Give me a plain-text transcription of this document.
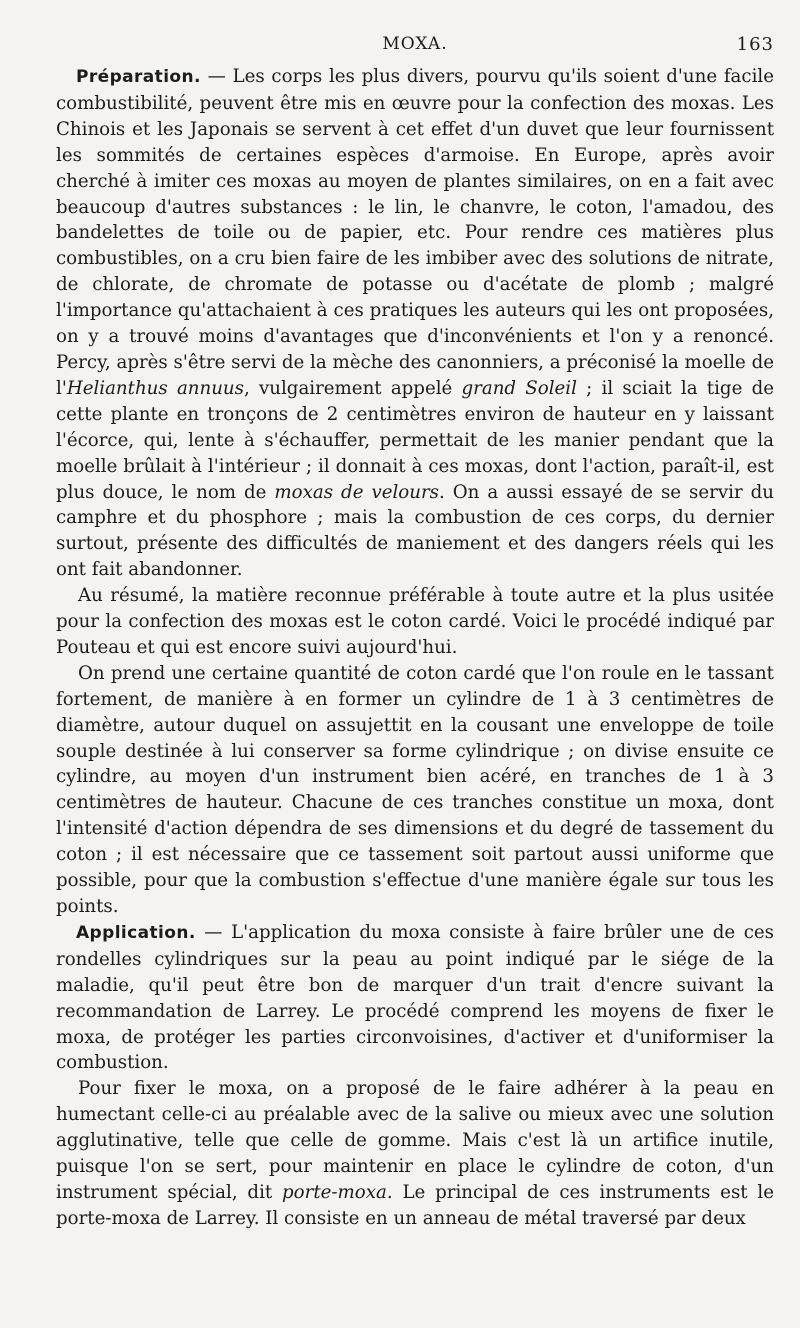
MOXA.	163

Préparation. — Les corps les plus divers, pourvu qu'ils soient d'une facile combustibilité, peuvent être mis en œuvre pour la confection des moxas. Les Chinois et les Japonais se servent à cet effet d'un duvet que leur fournissent les sommités de certaines espèces d'armoise. En Europe, après avoir cherché à imiter ces moxas au moyen de plantes similaires, on en a fait avec beaucoup d'autres substances : le lin, le chanvre, le coton, l'amadou, des bandelettes de toile ou de papier, etc. Pour rendre ces matières plus combustibles, on a cru bien faire de les imbiber avec des solutions de nitrate, de chlorate, de chromate de potasse ou d'acétate de plomb ; malgré l'importance qu'attachaient à ces pratiques les auteurs qui les ont proposées, on y a trouvé moins d'avantages que d'inconvénients et l'on y a renoncé. Percy, après s'être servi de la mèche des canonniers, a préconisé la moelle de l'Helianthus annuus, vulgairement appelé grand Soleil ; il sciait la tige de cette plante en tronçons de 2 centimètres environ de hauteur en y laissant l'écorce, qui, lente à s'échauffer, permettait de les manier pendant que la moelle brûlait à l'intérieur ; il donnait à ces moxas, dont l'action, paraît-il, est plus douce, le nom de moxas de velours. On a aussi essayé de se servir du camphre et du phosphore ; mais la combustion de ces corps, du dernier surtout, présente des difficultés de maniement et des dangers réels qui les ont fait abandonner.

Au résumé, la matière reconnue préférable à toute autre et la plus usitée pour la confection des moxas est le coton cardé. Voici le procédé indiqué par Pouteau et qui est encore suivi aujourd'hui.

On prend une certaine quantité de coton cardé que l'on roule en le tassant fortement, de manière à en former un cylindre de 1 à 3 centimètres de diamètre, autour duquel on assujettit en la cousant une enveloppe de toile souple destinée à lui conserver sa forme cylindrique ; on divise ensuite ce cylindre, au moyen d'un instrument bien acéré, en tranches de 1 à 3 centimètres de hauteur. Chacune de ces tranches constitue un moxa, dont l'intensité d'action dépendra de ses dimensions et du degré de tassement du coton ; il est nécessaire que ce tassement soit partout aussi uniforme que possible, pour que la combustion s'effectue d'une manière égale sur tous les points.

Application. — L'application du moxa consiste à faire brûler une de ces rondelles cylindriques sur la peau au point indiqué par le siége de la maladie, qu'il peut être bon de marquer d'un trait d'encre suivant la recommandation de Larrey. Le procédé comprend les moyens de fixer le moxa, de protéger les parties circonvoisines, d'activer et d'uniformiser la combustion.

Pour fixer le moxa, on a proposé de le faire adhérer à la peau en humectant celle-ci au préalable avec de la salive ou mieux avec une solution agglutinative, telle que celle de gomme. Mais c'est là un artifice inutile, puisque l'on se sert, pour maintenir en place le cylindre de coton, d'un instrument spécial, dit porte-moxa. Le principal de ces instruments est le porte-moxa de Larrey. Il consiste en un anneau de métal traversé par deux
